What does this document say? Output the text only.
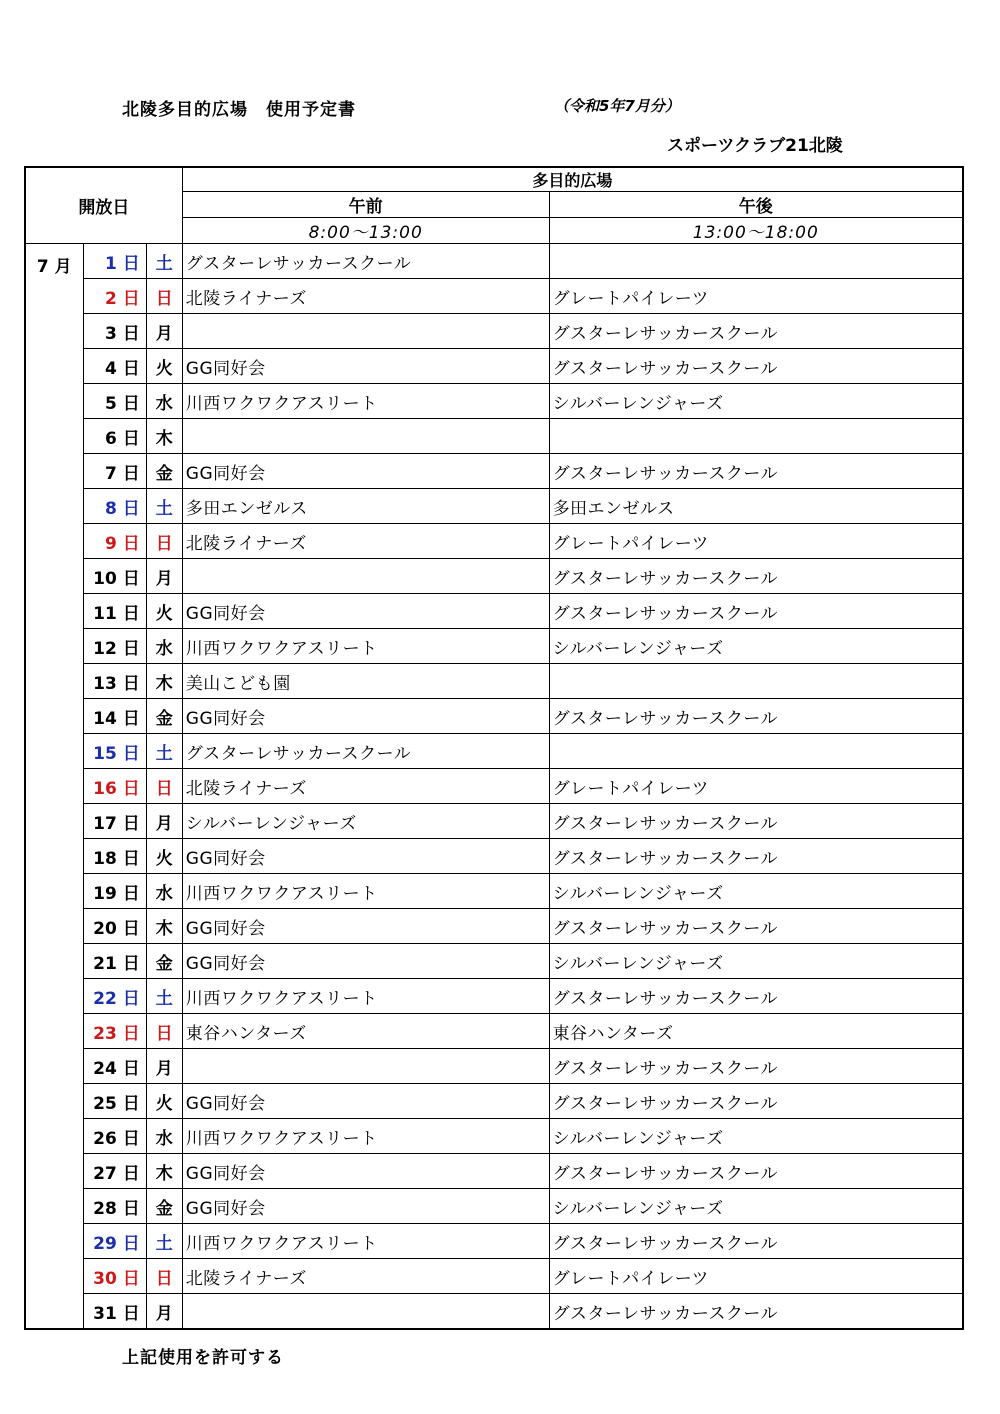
北陵多目的広場　使用予定書	（令和5年7月分）
スポーツクラブ21北陵
開放日			多目的広場	
			午前	午後
			8:00～13:00	13:00～18:00
7 月	1 日	土	グスターレサッカースクール	
	2 日	日	北陵ライナーズ	グレートパイレーツ
	3 日	月		グスターレサッカースクール
	4 日	火	GG同好会	グスターレサッカースクール
	5 日	水	川西ワクワクアスリート	シルバーレンジャーズ
	6 日	木		
	7 日	金	GG同好会	グスターレサッカースクール
	8 日	土	多田エンゼルス	多田エンゼルス
	9 日	日	北陵ライナーズ	グレートパイレーツ
	10 日	月		グスターレサッカースクール
	11 日	火	GG同好会	グスターレサッカースクール
	12 日	水	川西ワクワクアスリート	シルバーレンジャーズ
	13 日	木	美山こども園	
	14 日	金	GG同好会	グスターレサッカースクール
	15 日	土	グスターレサッカースクール	
	16 日	日	北陵ライナーズ	グレートパイレーツ
	17 日	月	シルバーレンジャーズ	グスターレサッカースクール
	18 日	火	GG同好会	グスターレサッカースクール
	19 日	水	川西ワクワクアスリート	シルバーレンジャーズ
	20 日	木	GG同好会	グスターレサッカースクール
	21 日	金	GG同好会	シルバーレンジャーズ
	22 日	土	川西ワクワクアスリート	グスターレサッカースクール
	23 日	日	東谷ハンターズ	東谷ハンターズ
	24 日	月		グスターレサッカースクール
	25 日	火	GG同好会	グスターレサッカースクール
	26 日	水	川西ワクワクアスリート	シルバーレンジャーズ
	27 日	木	GG同好会	グスターレサッカースクール
	28 日	金	GG同好会	シルバーレンジャーズ
	29 日	土	川西ワクワクアスリート	グスターレサッカースクール
	30 日	日	北陵ライナーズ	グレートパイレーツ
	31 日	月		グスターレサッカースクール
上記使用を許可する
